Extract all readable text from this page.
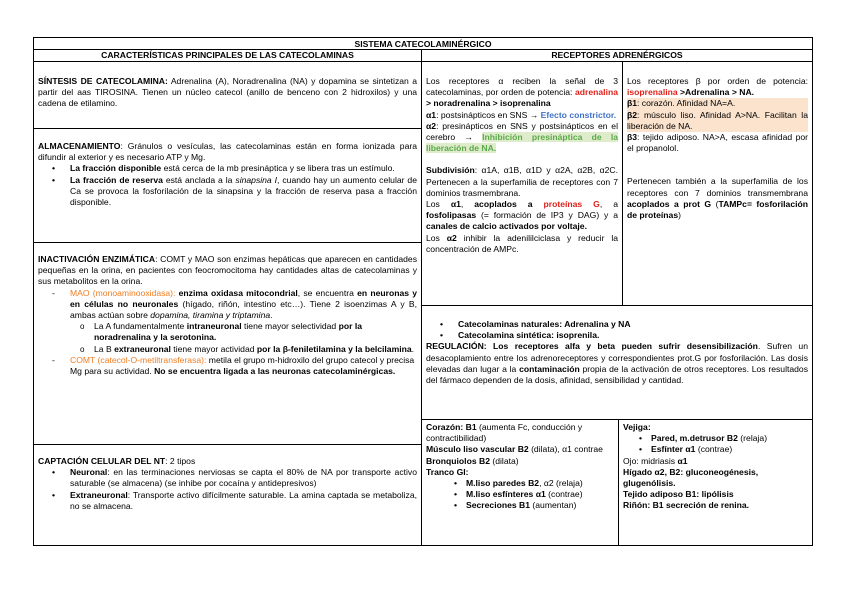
SISTEMA CATECOLAMINÉRGICO
CARACTERÍSTICAS PRINCIPALES DE LAS CATECOLAMINAS	RECEPTORES ADRENÉRGICOS

SÍNTESIS DE CATECOLAMINA: Adrenalina (A), Noradrenalina (NA) y dopamina se sintetizan a partir del aas TIROSINA. Tienen un núcleo catecol (anillo de benceno con 2 hidroxilos) y una cadena de etilamino.

ALMACENAMIENTO: Gránulos o vesículas, las catecolaminas están en forma ionizada para difundir al exterior y es necesario ATP y Mg.

• La fracción disponible está cerca de la mb presináptica y se libera tras un estímulo.

• La fracción de reserva está anclada a la sinapsina I, cuando hay un aumento celular de Ca se provoca la fosforilación de la sinapsina y la fracción de reserva pasa a fracción disponible.

INACTIVACIÓN ENZIMÁTICA: COMT y MAO son enzimas hepáticas que aparecen en cantidades pequeñas en la orina, en pacientes con feocromocitoma hay cantidades altas de catecolaminas y sus metabolitos en la orina.

- MAO (monoaminooxidasa): enzima oxidasa mitocondrial, se encuentra en neuronas y en células no neuronales (hígado, riñón, intestino etc…). Tiene 2 isoenzimas A y B, ambas actúan sobre dopamina, tiramina y triptamina.

o La A fundamentalmente intraneuronal tiene mayor selectividad por la noradrenalina y la serotonina.

o La B extraneuronal tiene mayor actividad por la β-feniletilamina y la belcilamina.

- COMT (catecol-O-metiltransferasa): metila el grupo m-hidroxilo del grupo catecol y precisa Mg para su actividad. No se encuentra ligada a las neuronas catecolaminérgicas.

CAPTACIÓN CELULAR DEL NT: 2 tipos

• Neuronal: en las terminaciones nerviosas se capta el 80% de NA por transporte activo saturable (se almacena) (se inhibe por cocaína y antidepresivos)

• Extraneuronal: Transporte activo difícilmente saturable. La amina captada se metaboliza, no se almacena.

Los receptores α reciben la señal de 3 catecolaminas, por orden de potencia: adrenalina > noradrenalina > isoprenalina

α1: postsinápticos en SNS → Efecto constrictor.

α2: presinápticos en SNS y postsinápticos en el cerebro → Inhibición presináptica de la liberación de NA.

Subdivisión: α1A, α1B, α1D y α2A, α2B, α2C. Pertenecen a la superfamilia de receptores con 7 dominios trasmembrana.

Los α1, acoplados a proteínas G, a fosfolipasas (= formación de IP3 y DAG) y a canales de calcio activados por voltaje.

Los α2 inhibir la adenililciclasa y reducir la concentración de AMPc.

Los receptores β por orden de potencia: isoprenalina >Adrenalina > NA.

β1: corazón. Afinidad NA=A.

β2: músculo liso. Afinidad A>NA. Facilitan la liberación de NA.

β3: tejido adiposo. NA>A, escasa afinidad por el propanolol.

Pertenecen también a la superfamilia de los receptores con 7 dominios transmembrana acoplados a prot G (TAMPc= fosforilación de proteínas)

• Catecolaminas naturales: Adrenalina y NA

• Catecolamina sintética: isoprenila.

REGULACIÓN: Los receptores alfa y beta pueden sufrir desensibilización. Sufren un desacoplamiento entre los adrenoreceptores y correspondientes prot.G por fosforilación. Las dosis elevadas dan lugar a la contaminación propia de la activación de otros receptores. Los resultados del fármaco dependen de la dosis, afinidad, sensibilidad y cantidad.

Corazón: B1 (aumenta Fc, conducción y contractibilidad)

Músculo liso vascular B2 (dilata), α1 contrae

Bronquiolos B2 (dilata)

Tranco GI:

• M.liso paredes B2, α2 (relaja)

• M.liso esfínteres α1 (contrae)

• Secreciones B1 (aumentan)

Vejiga:

• Pared, m.detrusor B2 (relaja)

• Esfínter α1 (contrae)

Ojo: midriasis α1

Hígado α2, B2: gluconeogénesis, glugenólisis.

Tejido adiposo B1: lipólisis

Riñón: B1 secreción de renina.
